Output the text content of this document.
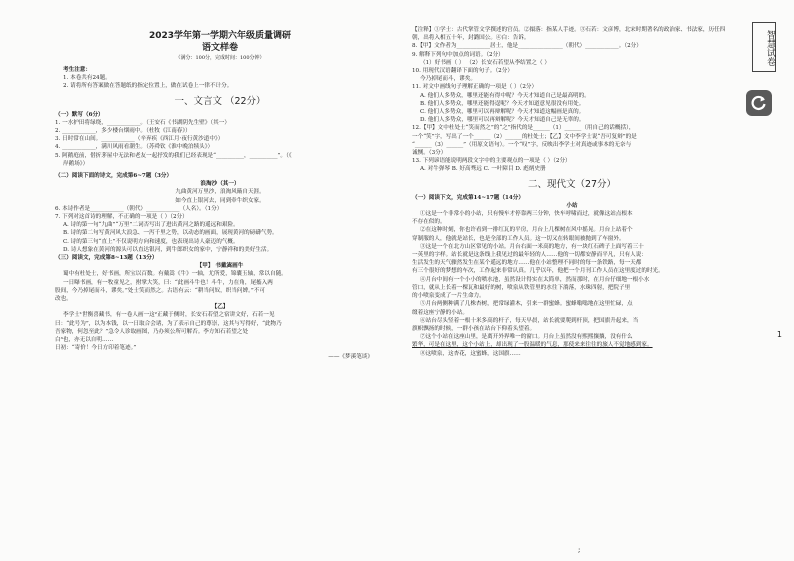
2023学年第一学期六年级质量调研

语文样卷

（满分：100分，完成时间：100分钟）

考生注意：

1. 本卷共有24题。

2. 请将所有答案做在答题纸的指定位置上，做在试卷上一律不计分。

一、文言文 （22分）

（一）默写（6分）

1. 一水护田将绿绕，____________。（王安石《书湖阴先生壁》（其一）

2. ____________，多少楼台烟雨中。（杜牧《江南春》）

3. 日时常在山间。____________（辛弃疾《西江月·夜行黄沙道中》）

4. ____________，满川风雨看潮生。（苏舜钦《淮中晚泊犊头》）

5. 阿鹅庭前，借折茅屋中无法和老友一起抒发的我们已经表现是“__________，__________”。（《

岸鹅场》）

（二）阅读下面的诗文，完成第6~7题（3分）

浪淘沙（其一）

九曲黄河万里沙，浪淘风簸自天涯。

如今直上银河去，同到牵牛织女家。

6. 本诗作者是____________（朝代）____________（人名）。（1分）

7. 下列对这首诗的理解，不正确的一项是（ ）（2分）

A. 诗的第一句“九曲”“万里”二词否写出了进出黄河之路的遥远和艰险。

B. 诗的第二句写黄河风大浪急、一泻千里之势，以动态的画面，展现黄河的磅礴气势。

C. 诗的第三句“直上”不仅说明方向和速度，也表现出诗人豪迈的气概。

D. 诗人想象在黄河的源头可以直达银河，到牛郎织女的家中，宁静祥和的美好生活。

（三）阅读文，完成第8~13题（13分）

【甲】 书戴嵩画牛

蜀中有杜处士，好书画，所宝以百数。有戴嵩《牛》一轴，尤所爱，锦囊玉轴，常以自随。

一日曝书画，有一牧童见之，拊掌大笑，曰：“此画斗牛也！斗牛，力在角，尾搐入两

股间，今乃掉尾而斗，谬矣。”处士笑而然之。古语有云：“耕当问奴，织当问婢。”不可

改也。

【乙】

李学士¹世衡喜藏书，有一卷人画一这²正藏于侧时，长安石若望之宿讲文好，石若一见

曰：“此号为”，以为本钱，以一日取合会诸，为了表示自己的尊崇，这其与写得好，“此物乃

吾家物，何忽至此？”急令人诊取画图，乃办须公所可解否。李方知石若望之处

白³也，亦无以自明……

日初：“寄价！今日方印着笔迹。”

——《梦溪笔谈》

【注释】①学士：古代掌管文学撰述的官员。②搨落：指某人手迹。③石若：文彦博，北宋时期著名的政治家、书法家，历任四朝，出将入相五十年，封潞国公。④白：告诉。

8.【甲】文作者为____________居士，他是________________（朝代）____________。（2分）

9. 解释下列句中加点的词语。（2分）

（1）好书画（ ） （2）长安石若望从李结置之（ ）

10. 用现代汉语翻译下面的句子。（2分）

今乃掉尾而斗，谬矣。

11. 对文中画线句子理解正确的一项是（ ）（2分）

A. 他们人多势众，哪里还能有得中呢？今天才知道自己是最高明的。

B. 他们人多势众，哪里还能得逞呢？今天才知道意见很没有用处。

C. 他们人多势众，哪里可以再辩解呢？今天才知道这幅画是真的。

D. 他们人多势众，哪里可以再辩解呢？今天才知道自己是无辜的。

12.【甲】文中杜处士“笑而然之”的“之”指代的是______（1）______（用自己的话概括），

一个“笑”字，写出了一个______（2）______的杜处士；【乙】文中李学士说“吾可复辩”的是

“______（3）______”（用原文语句）。一个“叹”字，反映出李学士对真迹或事本的无奈与

诚恻。（3分）

13. 下列谚语能说明两段文字中的主要观点的一项是（ ）（2分）

A. 对牛弹琴 B. 好高骛远 C. 一叶障目 D. 彪炳史册

二、现代文（27分）

（一）阅读下文，完成第14~17题（14分）

小站

①这是一个非常小的小站，只有慢车才停靠两三分钟，快车呼啸而过，就像这站点根本

不存在似的。

②在这种时刻，你也许看到一排红瓦的平房，月台上几棵树在风中摇晃。月台上站着个

穿制服的人，他就是站长，也是全部的工作人员。这一切又在转眼间被抛到了车窗外。

③这是一个在北方山区常见的小站。月台右面一米高的地方，有一块红石碑子上面写着三十

一英里的字样。站长就是这条线上我见过的最年轻的人……他的一切都安静而平凡，只有人说：

生活发生的天气骤然发生在某个遥远的地方……他在小站整理不同时的每一条铁路，每一天都

有三个很好的梦想的车次，工作起来非常认真。几乎以年，他把一个月刊工作人员在这里度过的时光。

④月台中间有一个小小的喷水池，虽然设计得实在太简单，然而那时，在月台仔细地一根小水

管口，就从上长着一棵瓦和最好的树，喷泉从铁管里的水往下淌落，水珠四射，把院子里

的小喷泉变成了一片生命力。

⑤月台两侧种满了几株杏树，把常绿灌木，引来一群蜜蜂。蜜蜂嗡嗡地在这里忙碌，点

缀着这座宁静的小站。

⑥站台尽头竖着一根十米多高的杆子，每天早晨，站长就要爬到杆顶，把国旗升起来，当

旗帜飘扬的时候，一群小孩在站台下仰着头望着。

⑦这个小站在这座山里，是离开外界唯一的窗口。月台上虽然没有熙熙攘攘，没有什么

繁华，可是在这里，这个小站上，却出现了一股温暖的气息，那使来来往往的旅人不觉地感到家。

⑧这喷泉，这杏花，这蜜蜂，这国旗……

智慧试卷
1
;
